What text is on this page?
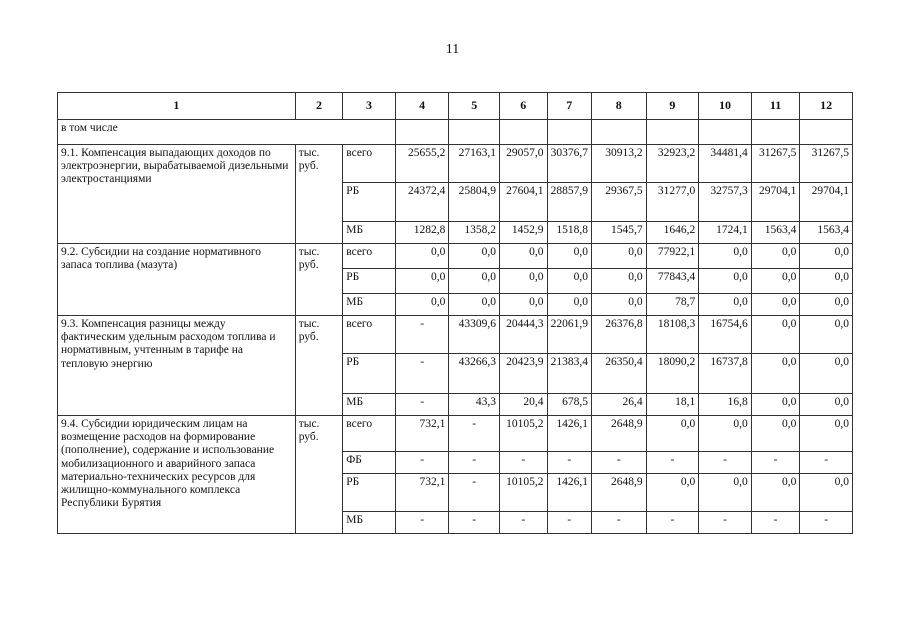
11
1	2	3	4	5	6	7	8	9	10	11	12
в том числе											
9.1. Компенсация выпадающих доходов по электроэнергии, вырабатываемой дизельными электростанциями	тыс. руб.	всего	25655,2	27163,1	29057,0	30376,7	30913,2	32923,2	34481,4	31267,5	31267,5
		РБ	24372,4	25804,9	27604,1	28857,9	29367,5	31277,0	32757,3	29704,1	29704,1
		МБ	1282,8	1358,2	1452,9	1518,8	1545,7	1646,2	1724,1	1563,4	1563,4
9.2. Субсидии на создание нормативного запаса топлива (мазута)	тыс. руб.	всего	0,0	0,0	0,0	0,0	0,0	77922,1	0,0	0,0	0,0
		РБ	0,0	0,0	0,0	0,0	0,0	77843,4	0,0	0,0	0,0
		МБ	0,0	0,0	0,0	0,0	0,0	78,7	0,0	0,0	0,0
9.3. Компенсация разницы между фактическим удельным расходом топлива и нормативным, учтенным в тарифе на тепловую энергию	тыс. руб.	всего	-	43309,6	20444,3	22061,9	26376,8	18108,3	16754,6	0,0	0,0
		РБ	-	43266,3	20423,9	21383,4	26350,4	18090,2	16737,8	0,0	0,0
		МБ	-	43,3	20,4	678,5	26,4	18,1	16,8	0,0	0,0
9.4. Субсидии юридическим лицам на возмещение расходов на формирование (пополнение), содержание и использование мобилизационного и аварийного запаса материально-технических ресурсов для жилищно-коммунального комплекса Республики Бурятия	тыс. руб.	всего	732,1	-	10105,2	1426,1	2648,9	0,0	0,0	0,0	0,0
		ФБ	-	-	-	-	-	-	-	-	-
		РБ	732,1	-	10105,2	1426,1	2648,9	0,0	0,0	0,0	0,0
		МБ	-	-	-	-	-	-	-	-	-
